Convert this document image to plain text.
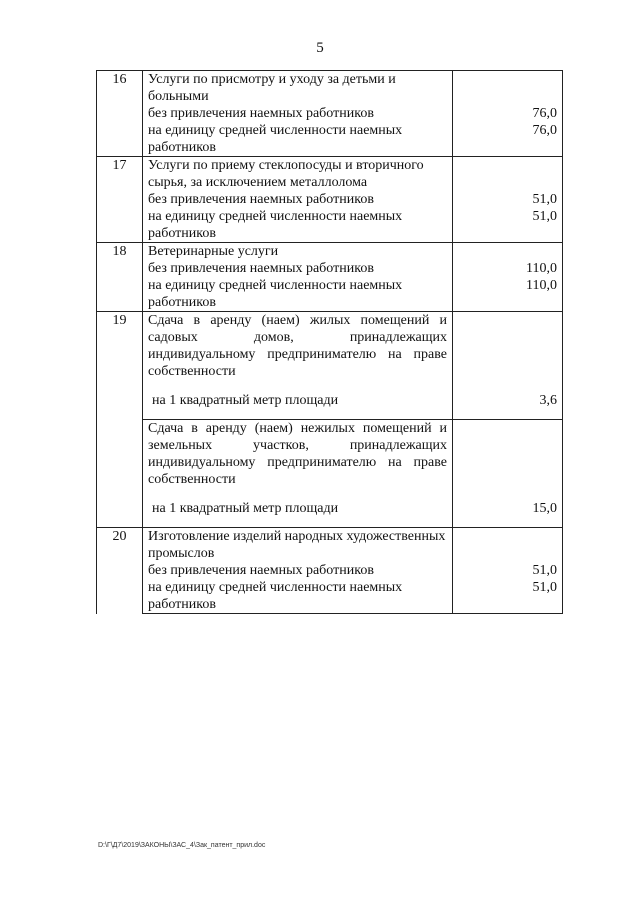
5
16	Услуги по присмотру и уходу за детьми и больными	
	без привлечения наемных работников	76,0
	на единицу средней численности наемных работников	76,0
17	Услуги по приему стеклопосуды и вторичного сырья, за исключением металлолома	
	без привлечения наемных работников	51,0
	на единицу средней численности наемных работников	51,0
18	Ветеринарные услуги	
	без привлечения наемных работников	110,0
	на единицу средней численности наемных работников	110,0
19	Сдача в аренду (наем) жилых помещений и садовых домов, принадлежащих индивидуальному предпринимателю на праве собственности	
	на 1 квадратный метр площади	3,6
	Сдача в аренду (наем) нежилых помещений и земельных участков, принадлежащих индивидуальному предпринимателю на праве собственности	
	на 1 квадратный метр площади	15,0
20	Изготовление изделий народных художественных промыслов	
	без привлечения наемных работников	51,0
	на единицу средней численности наемных работников	51,0
D:\Г\Д7\2019\ЗАКОНЫ\ЗАС_4\Зак_патент_прил.doc
